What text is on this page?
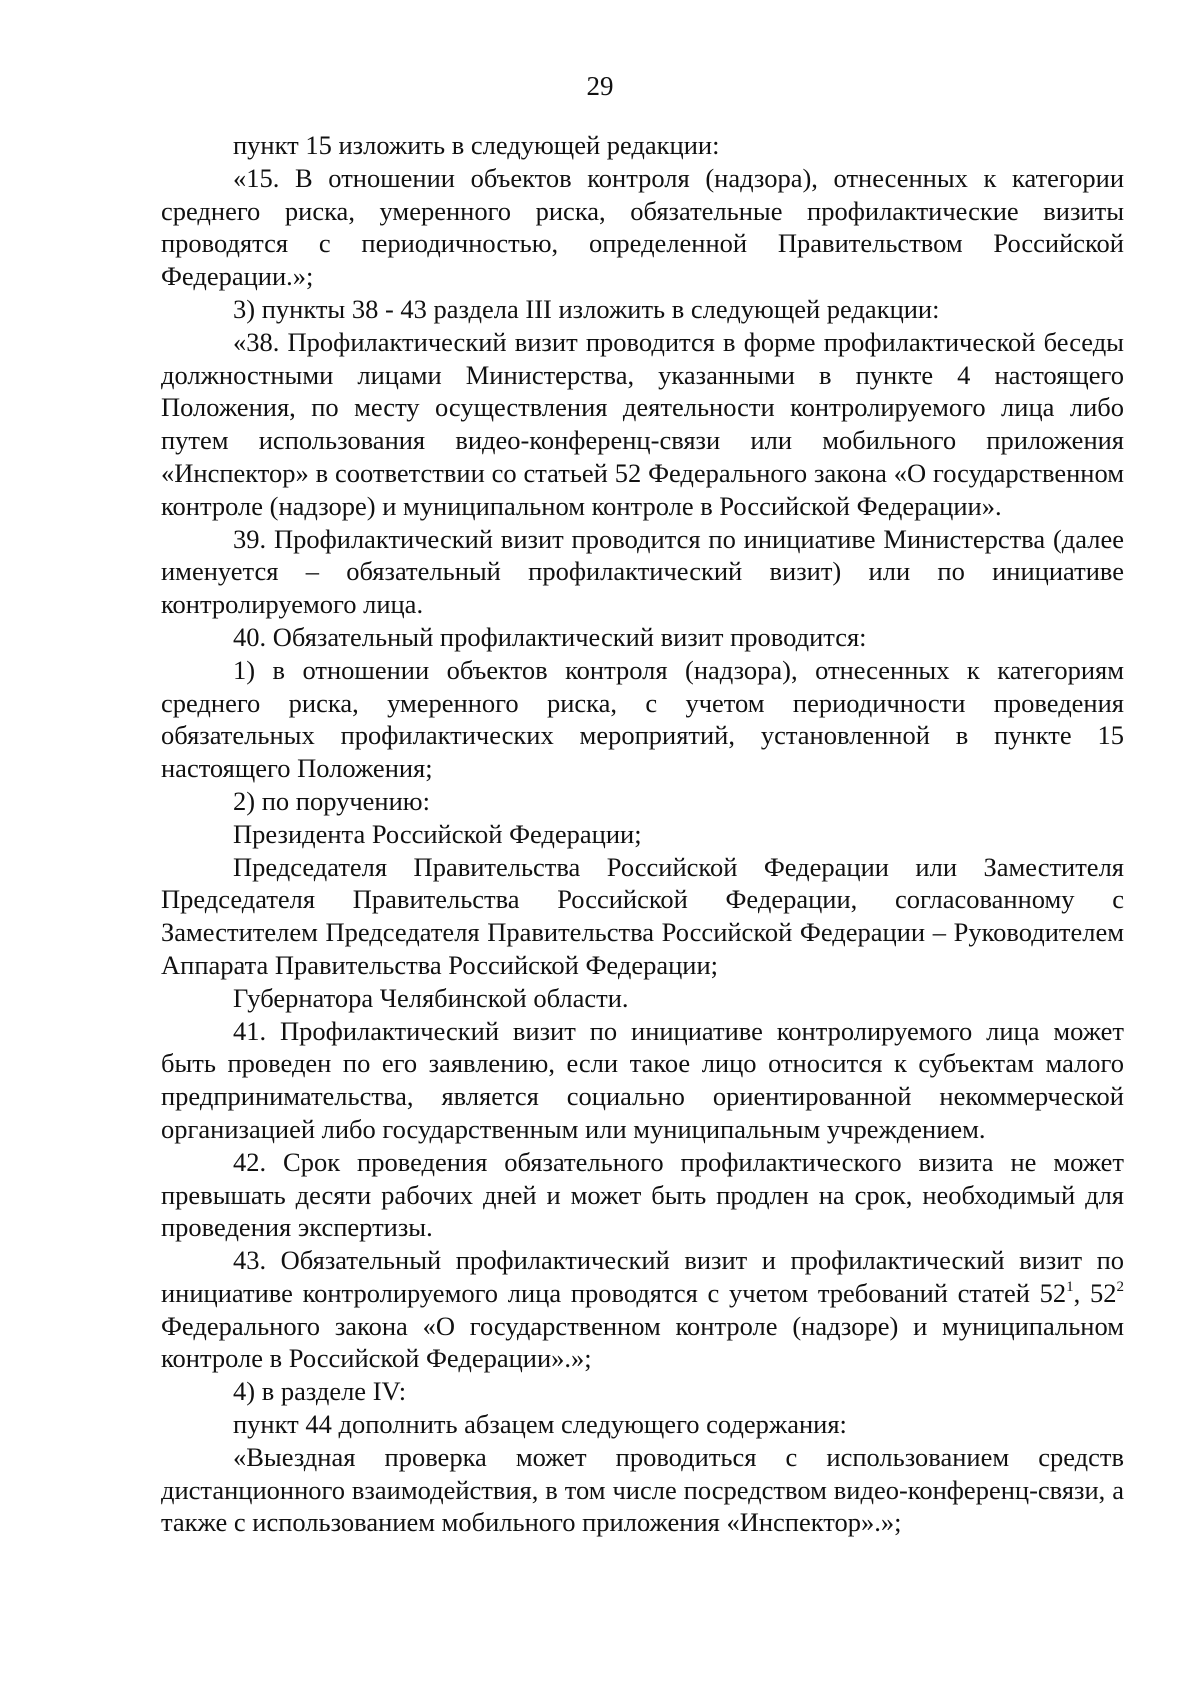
29

пункт 15 изложить в следующей редакции:

«15. В отношении объектов контроля (надзора), отнесенных к категории среднего риска, умеренного риска, обязательные профилактические визиты проводятся с периодичностью, определенной Правительством Российской Федерации.»;

3) пункты 38 - 43 раздела III изложить в следующей редакции:

«38. Профилактический визит проводится в форме профилактической беседы должностными лицами Министерства, указанными в пункте 4 настоящего Положения, по месту осуществления деятельности контролируемого лица либо путем использования видео-конференц-связи или мобильного приложения «Инспектор» в соответствии со статьей 52 Федерального закона «О государственном контроле (надзоре) и муниципальном контроле в Российской Федерации».

39. Профилактический визит проводится по инициативе Министерства (далее именуется – обязательный профилактический визит) или по инициативе контролируемого лица.

40. Обязательный профилактический визит проводится:

1) в отношении объектов контроля (надзора), отнесенных к категориям среднего риска, умеренного риска, с учетом периодичности проведения обязательных профилактических мероприятий, установленной в пункте 15 настоящего Положения;

2) по поручению:

Президента Российской Федерации;

Председателя Правительства Российской Федерации или Заместителя Председателя Правительства Российской Федерации, согласованному с Заместителем Председателя Правительства Российской Федерации – Руководителем Аппарата Правительства Российской Федерации;

Губернатора Челябинской области.

41. Профилактический визит по инициативе контролируемого лица может быть проведен по его заявлению, если такое лицо относится к субъектам малого предпринимательства, является социально ориентированной некоммерческой организацией либо государственным или муниципальным учреждением.

42. Срок проведения обязательного профилактического визита не может превышать десяти рабочих дней и может быть продлен на срок, необходимый для проведения экспертизы.

43. Обязательный профилактический визит и профилактический визит по инициативе контролируемого лица проводятся с учетом требований статей $52^1$, $52^2$ Федерального закона «О государственном контроле (надзоре) и муниципальном контроле в Российской Федерации».»;

4) в разделе IV:

пункт 44 дополнить абзацем следующего содержания:

«Выездная проверка может проводиться с использованием средств дистанционного взаимодействия, в том числе посредством видео-конференц-связи, а также с использованием мобильного приложения «Инспектор».»;
